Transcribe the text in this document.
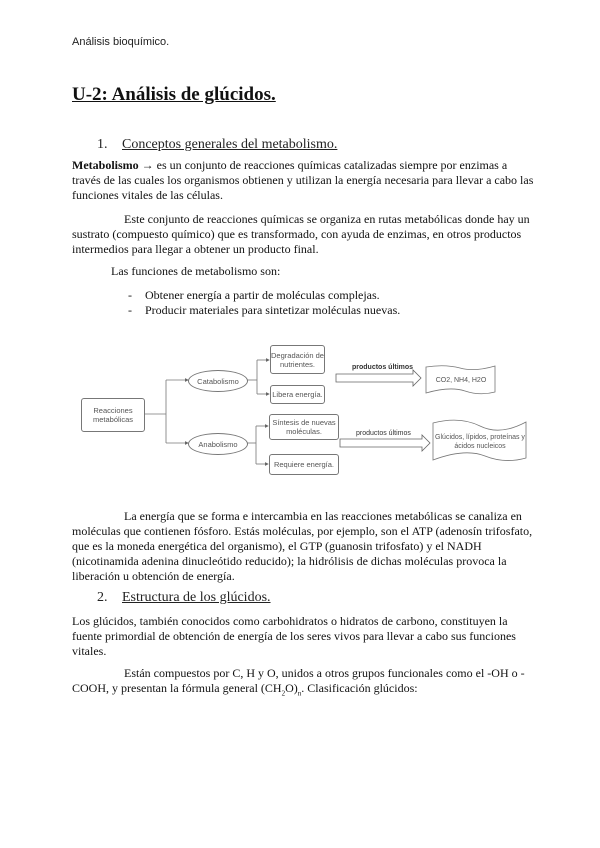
Análisis bioquímico.
U-2: Análisis de glúcidos.
1. Conceptos generales del metabolismo.

Metabolismo → es un conjunto de reacciones químicas catalizadas siempre por enzimas a través de las cuales los organismos obtienen y utilizan la energía necesaria para llevar a cabo las funciones vitales de las células.

Este conjunto de reacciones químicas se organiza en rutas metabólicas donde hay un sustrato (compuesto químico) que es transformado, con ayuda de enzimas, en otros productos intermedios para llegar a obtener un producto final.

Las funciones de metabolismo son:
- Obtener energía a partir de moléculas complejas.
- Producir materiales para sintetizar moléculas nuevas.
Reacciones metabólicas
Catabolismo
Anabolismo
Degradación de nutrientes.
Libera energía.
Síntesis de nuevas moléculas.
Requiere energía.
productos últimos
productos últimos
CO2, NH4, H2O
Glúcidos, lípidos, proteínas y ácidos nucleicos

La energía que se forma e intercambia en las reacciones metabólicas se canaliza en moléculas que contienen fósforo. Estás moléculas, por ejemplo, son el ATP (adenosín trifosfato, que es la moneda energética del organismo), el GTP (guanosin trifosfato) y el NADH (nicotinamida adenina dinucleótido reducido); la hidrólisis de dichas moléculas provoca la liberación u obtención de energía.

2. Estructura de los glúcidos.

Los glúcidos, también conocidos como carbohidratos o hidratos de carbono, constituyen la fuente primordial de obtención de energía de los seres vivos para llevar a cabo sus funciones vitales.

Están compuestos por C, H y O, unidos a otros grupos funcionales como el -OH o -COOH, y presentan la fórmula general $(CH_2O)_n$. Clasificación glúcidos:
